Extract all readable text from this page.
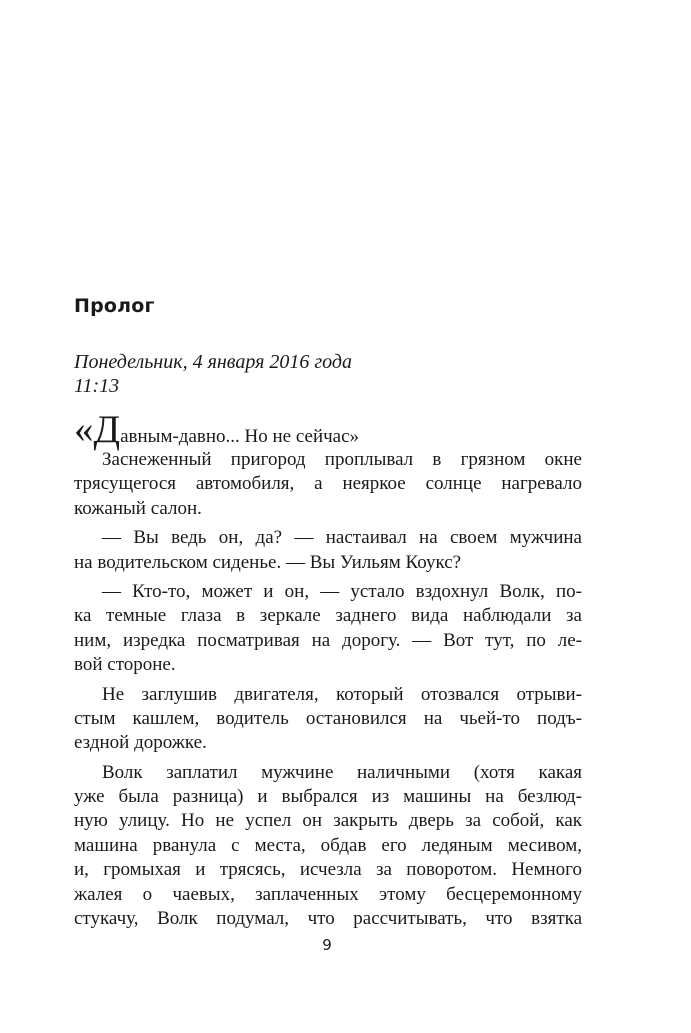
Пролог
Понедельник, 4 января 2016 года
11:13
«Давным-давно... Но не сейчас»
Заснеженный пригород проплывал в грязном окне
трясущегося автомобиля, а неяркое солнце нагревало
кожаный салон.
— Вы ведь он, да? — настаивал на своем мужчина
на водительском сиденье. — Вы Уильям Коукс?
— Кто-то, может и он, — устало вздохнул Волк, по-
ка темные глаза в зеркале заднего вида наблюдали за
ним, изредка посматривая на дорогу. — Вот тут, по ле-
вой стороне.
Не заглушив двигателя, который отозвался отрыви-
стым кашлем, водитель остановился на чьей-то подъ-
ездной дорожке.
Волк заплатил мужчине наличными (хотя какая
уже была разница) и выбрался из машины на безлюд-
ную улицу. Но не успел он закрыть дверь за собой, как
машина рванула с места, обдав его ледяным месивом,
и, громыхая и трясясь, исчезла за поворотом. Немного
жалея о чаевых, заплаченных этому бесцеремонному
стукачу, Волк подумал, что рассчитывать, что взятка
9
